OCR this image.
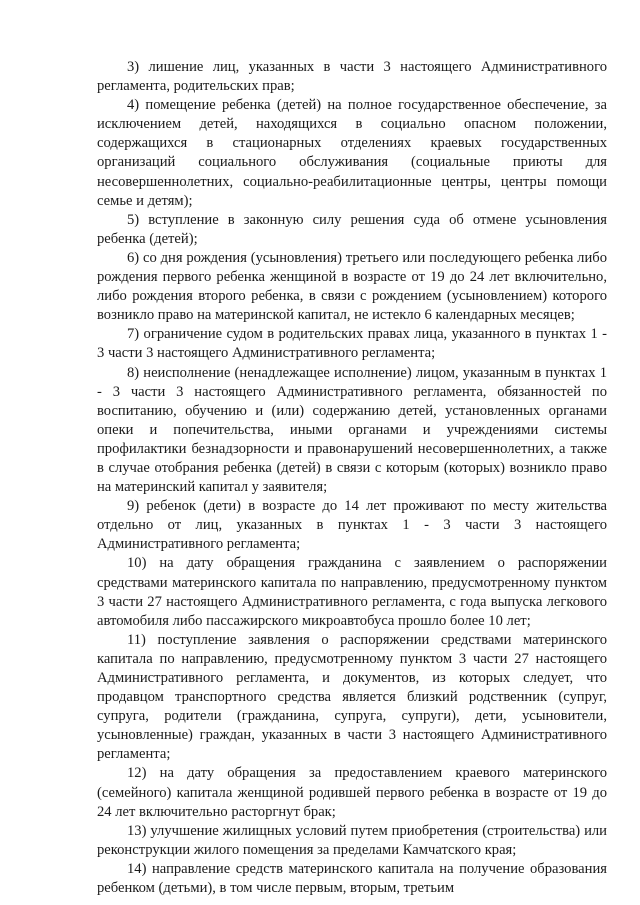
3) лишение лиц, указанных в части 3 настоящего Административного регламента, родительских прав;

4) помещение ребенка (детей) на полное государственное обеспечение, за исключением детей, находящихся в социально опасном положении, содержащихся в стационарных отделениях краевых государственных организаций социального обслуживания (социальные приюты для несовершеннолетних, социально-реабилитационные центры, центры помощи семье и детям);

5) вступление в законную силу решения суда об отмене усыновления ребенка (детей);

6) со дня рождения (усыновления) третьего или последующего ребенка либо рождения первого ребенка женщиной в возрасте от 19 до 24 лет включительно, либо рождения второго ребенка, в связи с рождением (усыновлением) которого возникло право на материнской капитал, не истекло 6 календарных месяцев;

7) ограничение судом в родительских правах лица, указанного в пунктах 1 - 3 части 3 настоящего Административного регламента;

8) неисполнение (ненадлежащее исполнение) лицом, указанным в пунктах 1 - 3 части 3 настоящего Административного регламента, обязанностей по воспитанию, обучению и (или) содержанию детей, установленных органами опеки и попечительства, иными органами и учреждениями системы профилактики безнадзорности и правонарушений несовершеннолетних, а также в случае отобрания ребенка (детей) в связи с которым (которых) возникло право на материнский капитал у заявителя;

9) ребенок (дети) в возрасте до 14 лет проживают по месту жительства отдельно от лиц, указанных в пунктах 1 - 3 части 3 настоящего Административного регламента;

10) на дату обращения гражданина с заявлением о распоряжении средствами материнского капитала по направлению, предусмотренному пунктом 3 части 27 настоящего Административного регламента, с года выпуска легкового автомобиля либо пассажирского микроавтобуса прошло более 10 лет;

11) поступление заявления о распоряжении средствами материнского капитала по направлению, предусмотренному пунктом 3 части 27 настоящего Административного регламента, и документов, из которых следует, что продавцом транспортного средства является близкий родственник (супруг, супруга, родители (гражданина, супруга, супруги), дети, усыновители, усыновленные) граждан, указанных в части 3 настоящего Административного регламента;

12) на дату обращения за предоставлением краевого материнского (семейного) капитала женщиной родившей первого ребенка в возрасте от 19 до 24 лет включительно расторгнут брак;

13) улучшение жилищных условий путем приобретения (строительства) или реконструкции жилого помещения за пределами Камчатского края;

14) направление средств материнского капитала на получение образования ребенком (детьми), в том числе первым, вторым, третьим
